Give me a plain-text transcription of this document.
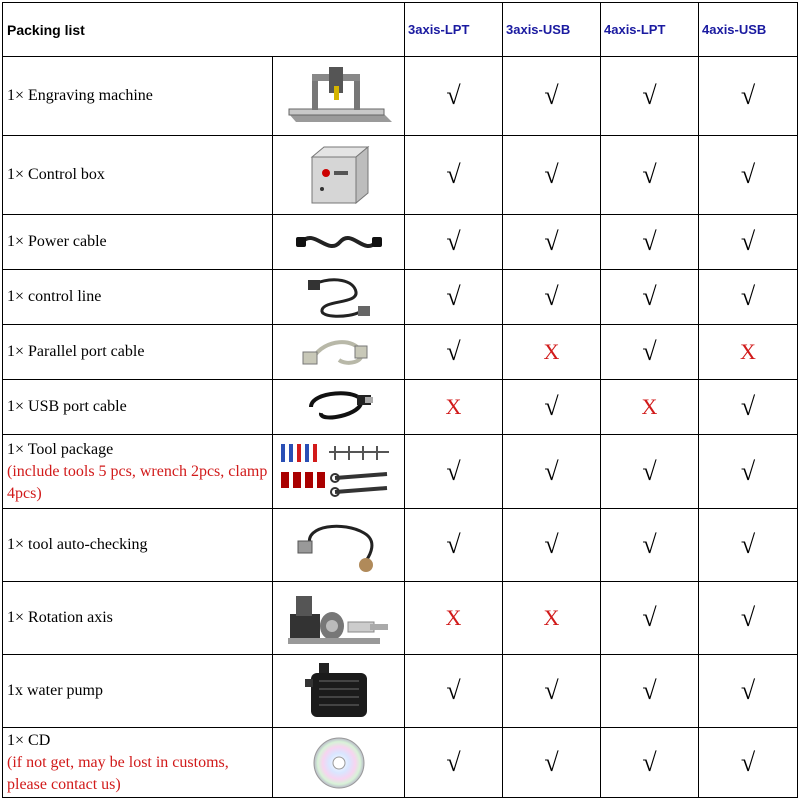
Packing list		3axis-LPT	3axis-USB	4axis-LPT	4axis-USB
1× Engraving machine		√	√	√	√
1× Control box		√	√	√	√
1× Power cable		√	√	√	√
1× control line		√	√	√	√
1× Parallel port cable		√	X	√	X
1× USB port cable		X	√	X	√

1× Tool package
(include tools 5 pcs, wrench 2pcs, clamp 4pcs)		√	√	√	√
1× tool auto-checking		√	√	√	√
1× Rotation axis		X	X	√	√
1x water pump		√	√	√	√

1× CD
(if not get, may be lost in customs, please contact us)		√	√	√	√
